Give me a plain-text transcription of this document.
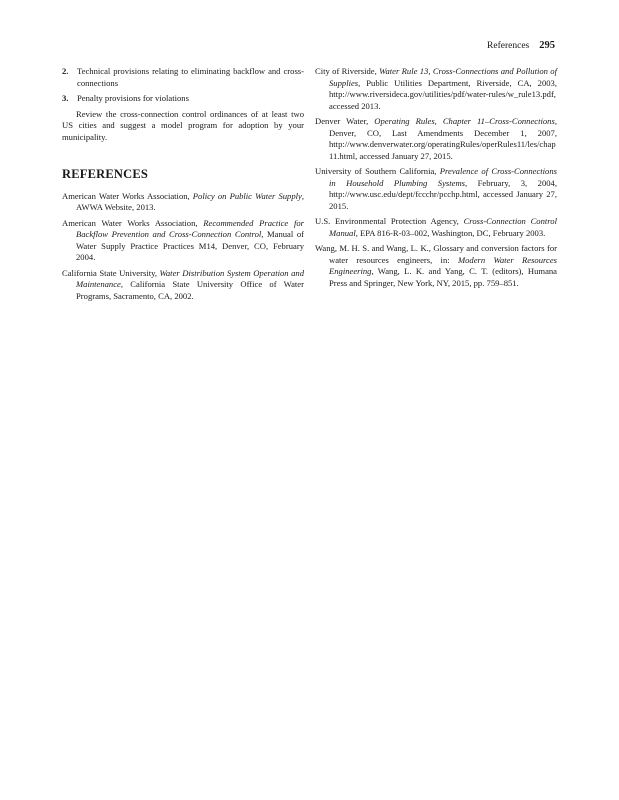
References 295
2. Technical provisions relating to eliminating backflow and cross-connections
3. Penalty provisions for violations

Review the cross-connection control ordinances of at least two US cities and suggest a model program for adoption by your municipality.

REFERENCES

American Water Works Association, Policy on Public Water Supply, AWWA Website, 2013.

American Water Works Association, Recommended Practice for Backflow Prevention and Cross-Connection Control, Manual of Water Supply Practice Practices M14, Denver, CO, February 2004.

California State University, Water Distribution System Operation and Maintenance, California State University Office of Water Programs, Sacramento, CA, 2002.

City of Riverside, Water Rule 13, Cross-Connections and Pollution of Supplies, Public Utilities Department, Riverside, CA, 2003, http://www.riversideca.gov/utilities/pdf/water-rules/w_rule13.pdf, accessed 2013.

Denver Water, Operating Rules, Chapter 11–Cross-Connections, Denver, CO, Last Amendments December 1, 2007, http://www.denverwater.org/operatingRules/operRules11/les/chap11.html, accessed January 27, 2015.

University of Southern California, Prevalence of Cross-Connections in Household Plumbing Systems, February, 3, 2004, http://www.usc.edu/dept/fccchr/pcchp.html, accessed January 27, 2015.

U.S. Environmental Protection Agency, Cross-Connection Control Manual, EPA 816-R-03–002, Washington, DC, February 2003.

Wang, M. H. S. and Wang, L. K., Glossary and conversion factors for water resources engineers, in: Modern Water Resources Engineering, Wang, L. K. and Yang, C. T. (editors), Humana Press and Springer, New York, NY, 2015, pp. 759–851.
